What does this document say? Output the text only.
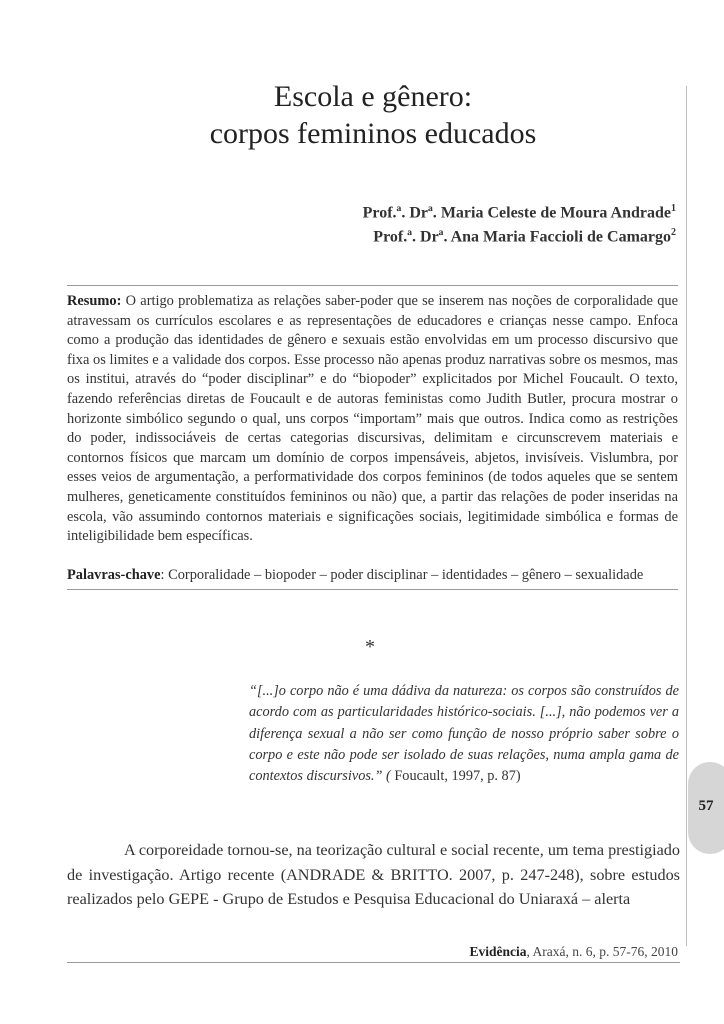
57
Escola e gênero:
corpos femininos educados
Prof.ª. Drª. Maria Celeste de Moura Andrade$^1$
Prof.ª. Drª. Ana Maria Faccioli de Camargo$^2$
Resumo: O artigo problematiza as relações saber-poder que se inserem nas noções de corporalidade que atravessam os currículos escolares e as representações de educadores e crianças nesse campo. Enfoca como a produção das identidades de gênero e sexuais estão envolvidas em um processo discursivo que fixa os limites e a validade dos corpos. Esse processo não apenas produz narrativas sobre os mesmos, mas os institui, através do “poder disciplinar” e do “biopoder” explicitados por Michel Foucault. O texto, fazendo referências diretas de Foucault e de autoras feministas como Judith Butler, procura mostrar o horizonte simbólico segundo o qual, uns corpos “importam” mais que outros. Indica como as restrições do poder, indissociáveis de certas categorias discursivas, delimitam e circunscrevem materiais e contornos físicos que marcam um domínio de corpos impensáveis, abjetos, invisíveis. Vislumbra, por esses veios de argumentação, a performatividade dos corpos femininos (de todos aqueles que se sentem mulheres, geneticamente constituídos femininos ou não) que, a partir das relações de poder inseridas na escola, vão assumindo contornos materiais e significações sociais, legitimidade simbólica e formas de inteligibilidade bem específicas.
Palavras-chave: Corporalidade – biopoder – poder disciplinar – identidades – gênero – sexualidade
*
“[...]o corpo não é uma dádiva da natureza: os corpos são construídos de acordo com as particularidades histórico-sociais. [...], não podemos ver a diferença sexual a não ser como função de nosso próprio saber sobre o corpo e este não pode ser isolado de suas relações, numa ampla gama de contextos discursivos.” ( Foucault, 1997, p. 87)

A corporeidade tornou-se, na teorização cultural e social recente, um tema prestigiado de investigação. Artigo recente (ANDRADE & BRITTO. 2007, p. 247-248), sobre estudos realizados pelo GEPE - Grupo de Estudos e Pesquisa Educacional do Uniaraxá – alerta

Evidência, Araxá, n. 6, p. 57-76, 2010
